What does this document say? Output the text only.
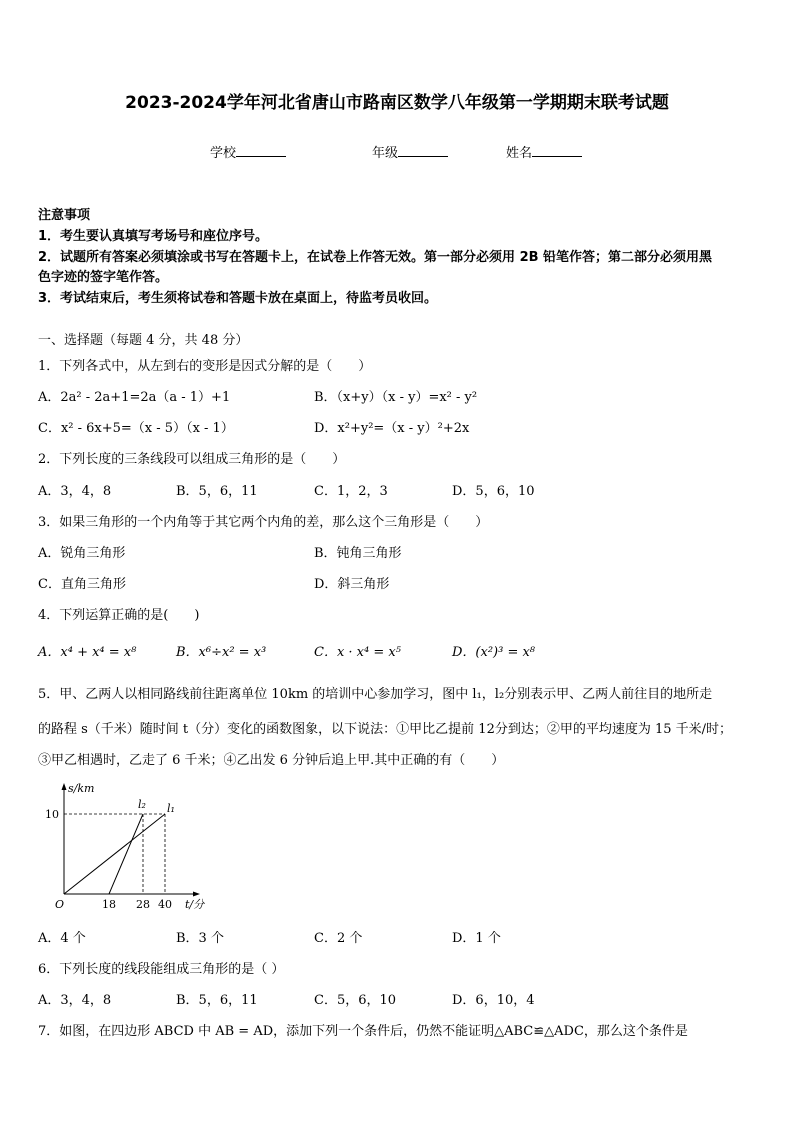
2023-2024学年河北省唐山市路南区数学八年级第一学期期末联考试题
学校	年级	姓名
注意事项
1．考生要认真填写考场号和座位序号。
2．试题所有答案必须填涂或书写在答题卡上，在试卷上作答无效。第一部分必须用 2B 铅笔作答；第二部分必须用黑
色字迹的签字笔作答。
3．考试结束后，考生须将试卷和答题卡放在桌面上，待监考员收回。
一、选择题（每题 4 分，共 48 分）
1．下列各式中，从左到右的变形是因式分解的是（　　）
A．2a² - 2a+1=2a（a - 1）+1	B．（x+y）（x - y）=x² - y²
C．x² - 6x+5=（x - 5）（x - 1）	D．x²+y²=（x - y）²+2x
2．下列长度的三条线段可以组成三角形的是（　　）
A．3，4，8	B．5，6，11	C．1，2，3	D．5，6，10
3．如果三角形的一个内角等于其它两个内角的差，那么这个三角形是（　　）
A．锐角三角形	B．钝角三角形
C．直角三角形	D．斜三角形
4．下列运算正确的是(　　)
A．x⁴ + x⁴ = x⁸	B．x⁶÷x² = x³	C．x · x⁴ = x⁵	D．(x²)³ = x⁸
5．甲、乙两人以相同路线前往距离单位 10km 的培训中心参加学习，图中 l₁，l₂分别表示甲、乙两人前往目的地所走
的路程 s（千米）随时间 t（分）变化的函数图象，以下说法：①甲比乙提前 12分到达；②甲的平均速度为 15 千米/时；
③甲乙相遇时，乙走了 6 千米；④乙出发 6 分钟后追上甲.其中正确的有（　　）
s/km
10
O	18 28 40 t/分
l₂ l₁
A．4 个	B．3 个	C．2 个	D．1 个
6．下列长度的线段能组成三角形的是（ ）
A．3，4，8	B．5，6，11	C．5，6，10	D．6，10，4
7．如图，在四边形 ABCD 中 AB = AD，添加下列一个条件后，仍然不能证明△ABC≌△ADC，那么这个条件是
